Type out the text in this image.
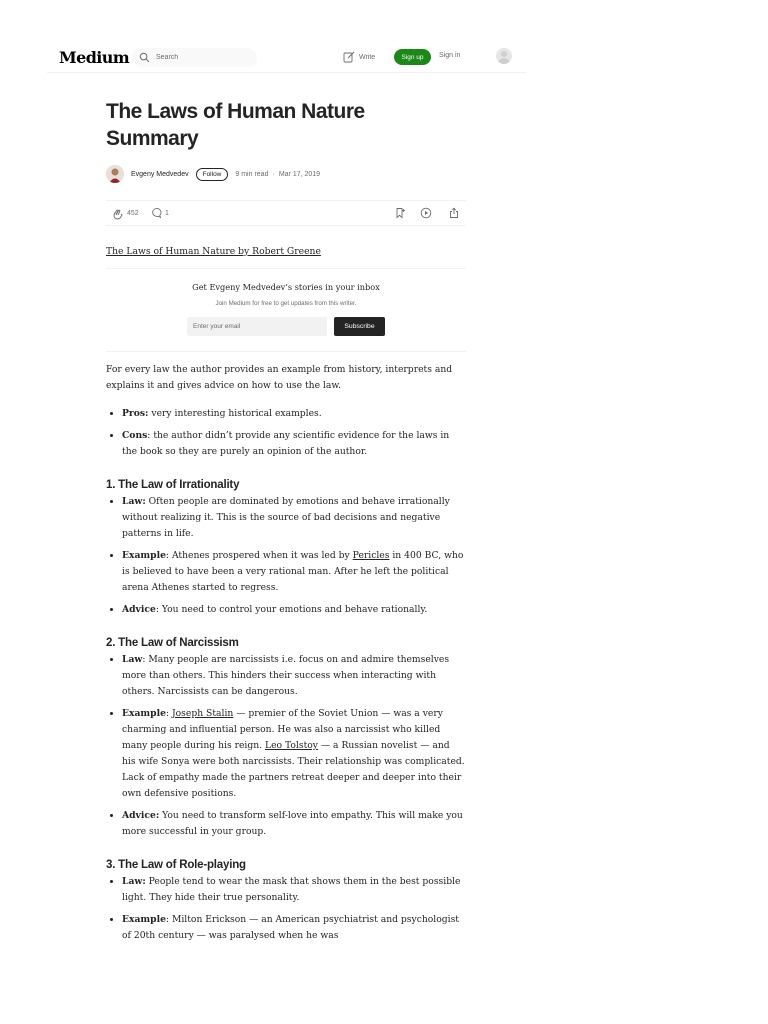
Medium
Search	Write	Sign up	Sign in
The Laws of Human Nature Summary
Evgeny Medvedev	Follow	9 min read · Mar 17, 2019
452	1
The Laws of Human Nature by Robert Greene
Get Evgeny Medvedev’s stories in your inbox
Join Medium for free to get updates from this writer.
Enter your email
Subscribe

For every law the author provides an example from history, interprets and explains it and gives advice on how to use the law.

• Pros: very interesting historical examples.
• Cons: the author didn’t provide any scientific evidence for the laws in the book so they are purely an opinion of the author.
1. The Law of Irrationality
• Law: Often people are dominated by emotions and behave irrationally without realizing it. This is the source of bad decisions and negative patterns in life.
• Example: Athenes prospered when it was led by Pericles in 400 BC, who is believed to have been a very rational man. After he left the political arena Athenes started to regress.
• Advice: You need to control your emotions and behave rationally.
2. The Law of Narcissism
• Law: Many people are narcissists i.e. focus on and admire themselves more than others. This hinders their success when interacting with others. Narcissists can be dangerous.
• Example: Joseph Stalin — premier of the Soviet Union — was a very charming and influential person. He was also a narcissist who killed many people during his reign. Leo Tolstoy — a Russian novelist — and his wife Sonya were both narcissists. Their relationship was complicated. Lack of empathy made the partners retreat deeper and deeper into their own defensive positions.
• Advice: You need to transform self-love into empathy. This will make you more successful in your group.
3. The Law of Role-playing
• Law: People tend to wear the mask that shows them in the best possible light. They hide their true personality.
• Example: Milton Erickson — an American psychiatrist and psychologist of 20th century — was paralysed when he was
